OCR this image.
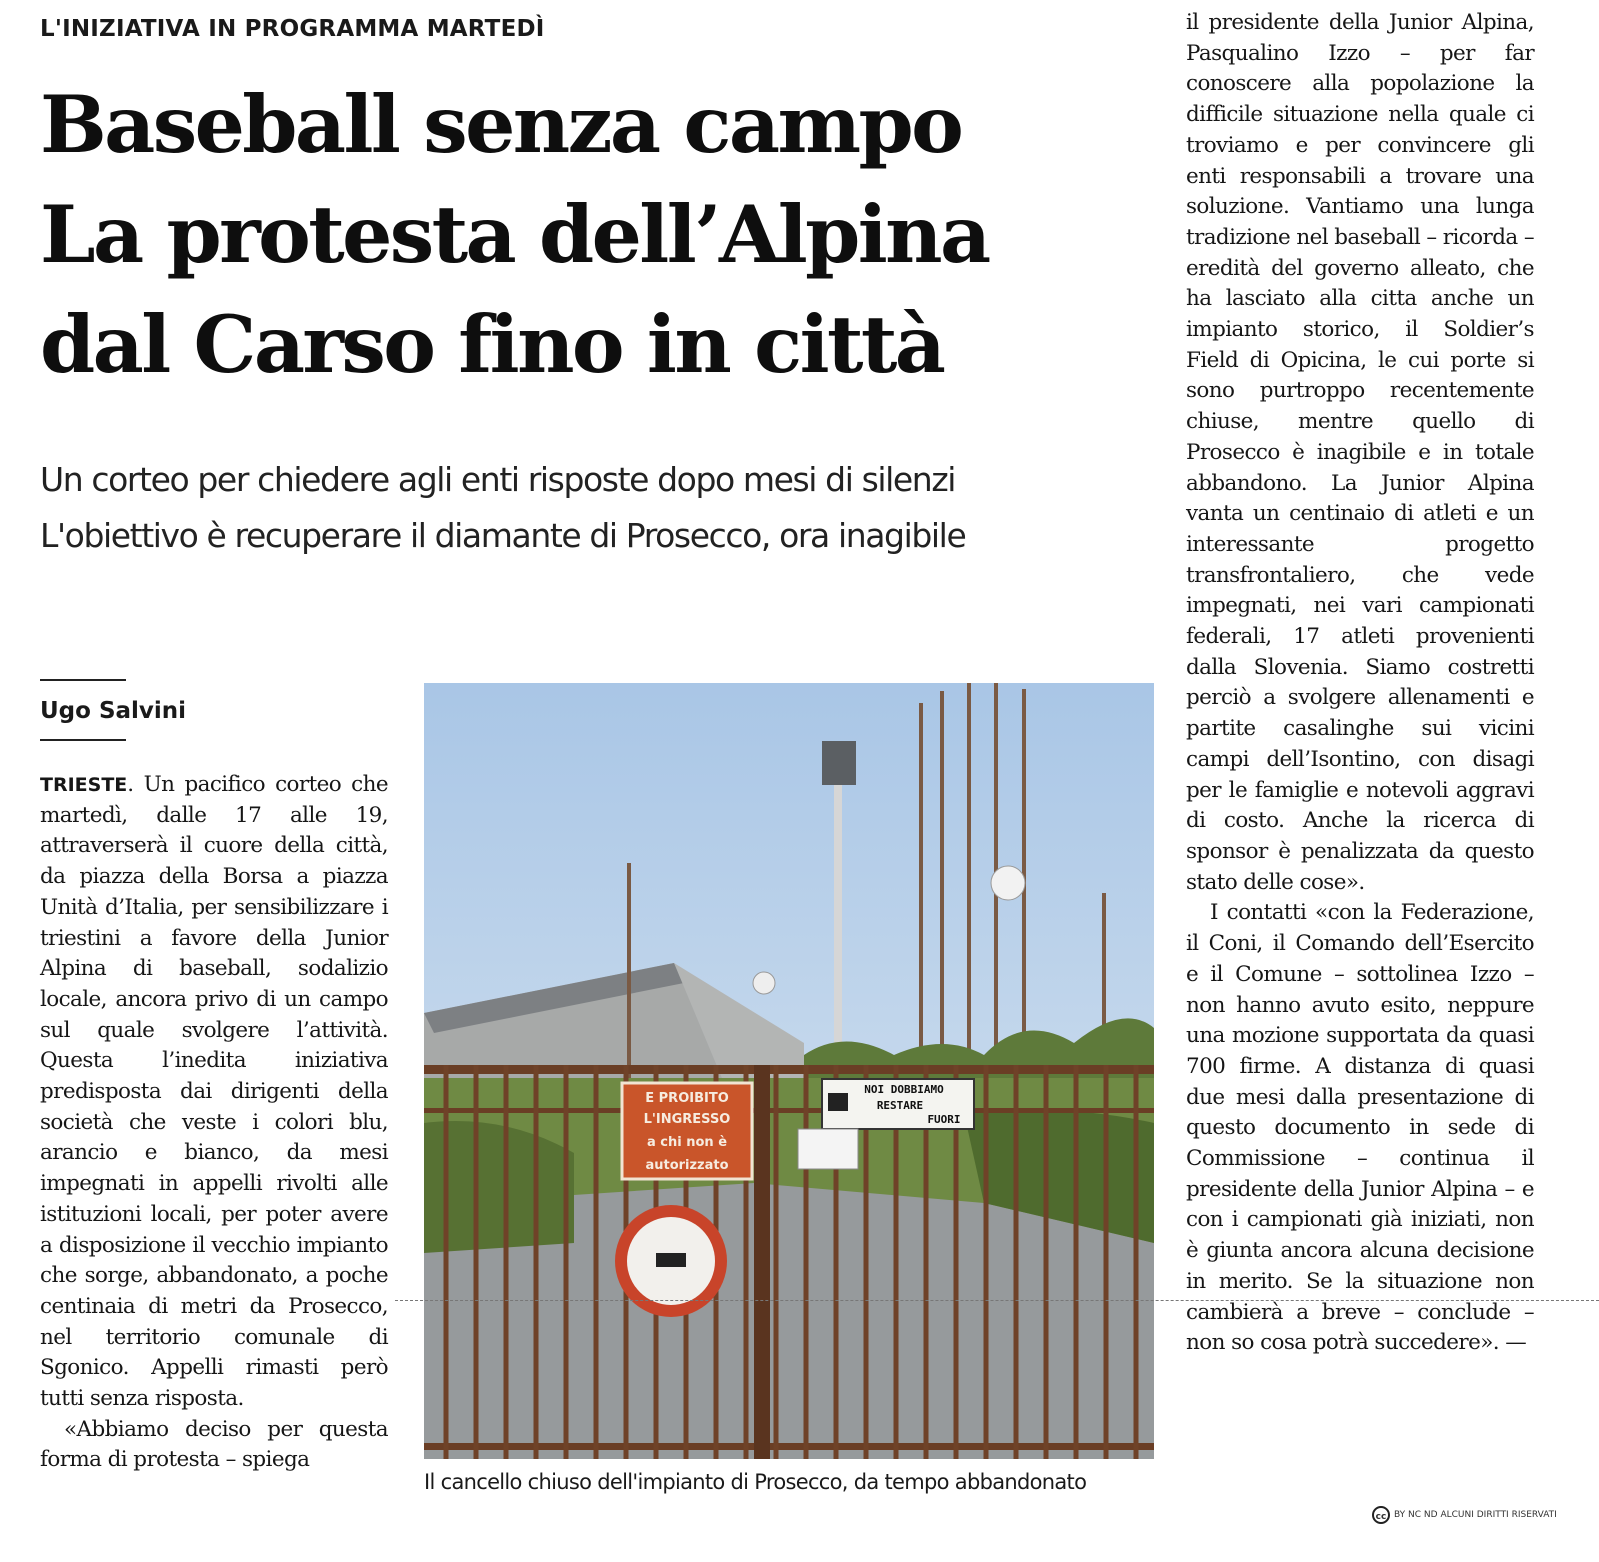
L'INIZIATIVA IN PROGRAMMA MARTEDÌ
Baseball senza campo
La protesta dell’Alpina
dal Carso fino in città
Un corteo per chiedere agli enti risposte dopo mesi di silenzi
L'obiettivo è recuperare il diamante di Prosecco, ora inagibile
Ugo Salvini

TRIESTE. Un pacifico corteo che martedì, dalle 17 alle 19, attraverserà il cuore della città, da piazza della Borsa a piazza Unità d’Italia, per sensibilizzare i triestini a favore della Junior Alpina di baseball, sodalizio locale, ancora privo di un campo sul quale svolgere l’attività. Questa l’inedita iniziativa predisposta dai dirigenti della società che veste i colori blu, arancio e bianco, da mesi impegnati in appelli rivolti alle istituzioni locali, per poter avere a disposizione il vecchio impianto che sorge, abbandonato, a poche centinaia di metri da Prosecco, nel territorio comunale di Sgonico. Appelli rimasti però tutti senza risposta.

«Abbiamo deciso per questa forma di protesta – spiega

E PROIBITO
L'INGRESSO
a chi non è
autorizzato
NOI DOBBIAMO
RESTARE
FUORI
Il cancello chiuso dell'impianto di Prosecco, da tempo abbandonato

il presidente della Junior Alpina, Pasqualino Izzo – per far conoscere alla popolazione la difficile situazione nella quale ci troviamo e per convincere gli enti responsabili a trovare una soluzione. Vantiamo una lunga tradizione nel baseball – ricorda – eredità del governo alleato, che ha lasciato alla citta anche un impianto storico, il Soldier’s Field di Opicina, le cui porte si sono purtroppo recentemente chiuse, mentre quello di Prosecco è inagibile e in totale abbandono. La Junior Alpina vanta un centinaio di atleti e un interessante progetto transfrontaliero, che vede impegnati, nei vari campionati federali, 17 atleti provenienti dalla Slovenia. Siamo costretti perciò a svolgere allenamenti e partite casalinghe sui vicini campi dell’Isontino, con disagi per le famiglie e notevoli aggravi di costo. Anche la ricerca di sponsor è penalizzata da questo stato delle cose».

I contatti «con la Federazione, il Coni, il Comando dell’Esercito e il Comune – sottolinea Izzo – non hanno avuto esito, neppure una mozione supportata da quasi 700 firme. A distanza di quasi due mesi dalla presentazione di questo documento in sede di Commissione – continua il presidente della Junior Alpina – e con i campionati già iniziati, non è giunta ancora alcuna decisione in merito. Se la situazione non cambierà a breve – conclude – non so cosa potrà succedere». —

cc BY NC ND ALCUNI DIRITTI RISERVATI
